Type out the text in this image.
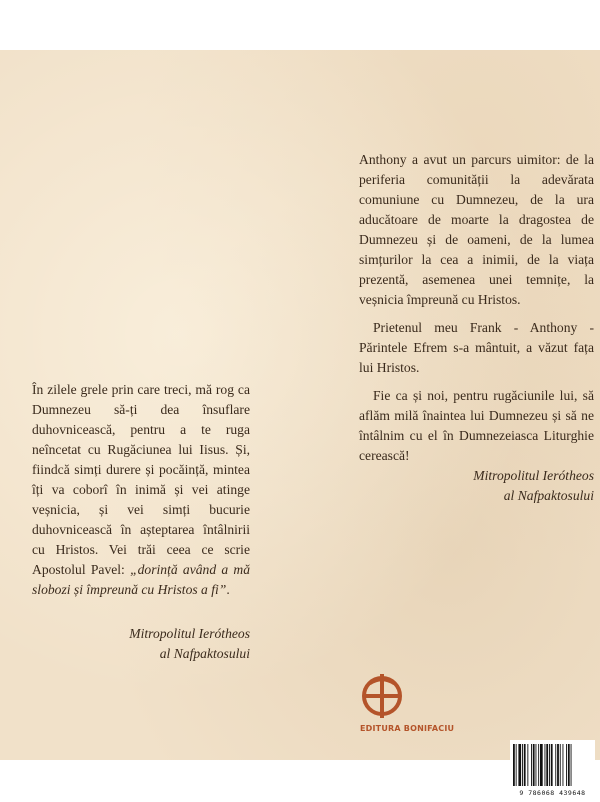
Anthony a avut un parcurs uimitor: de la periferia comunității la adevărata comuniune cu Dumnezeu, de la ura aducătoare de moarte la dragostea de Dumnezeu și de oameni, de la lumea simțurilor la cea a inimii, de la viața prezentă, asemenea unei temnițe, la veșnicia împreună cu Hristos.

Prietenul meu Frank - Anthony - Părintele Efrem s-a mântuit, a văzut fața lui Hristos.

Fie ca și noi, pentru rugăciunile lui, să aflăm milă înaintea lui Dumnezeu și să ne întâlnim cu el în Dumnezeiasca Liturghie cerească!

Mitropolitul Ierótheos
al Nafpaktosului

În zilele grele prin care treci, mă rog ca Dumnezeu să-ți dea însuflare duhovnicească, pentru a te ruga neîncetat cu Rugăciunea lui Iisus. Și, fiindcă simți durere și pocăință, mintea îți va coborî în inimă și vei atinge veșnicia, și vei simți bucurie duhovnicească în așteptarea întâlnirii cu Hristos. Vei trăi ceea ce scrie Apostolul Pavel: „dorință având a mă slobozi și împreună cu Hristos a fi”.

Mitropolitul Ierótheos
al Nafpaktosului
EDITURA BONIFACIU
9 786068 439648
